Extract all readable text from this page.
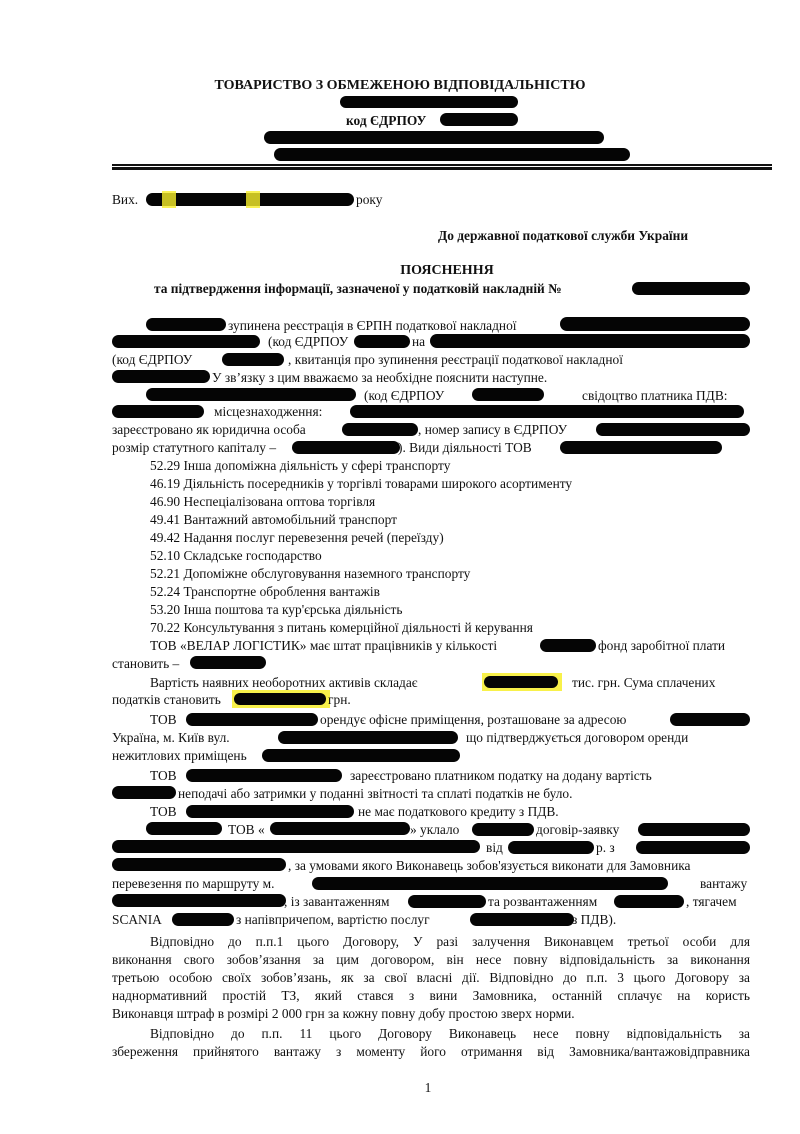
ТОВАРИСТВО З ОБМЕЖЕНОЮ ВІДПОВІДАЛЬНІСТЮ
код ЄДРПОУ
Вих.	року
До державної податкової служби України
ПОЯСНЕННЯ
та підтвердження інформації, зазначеної у податковій накладній №
зупинена реєстрація в ЄРПН податкової накладної
(код ЄДРПОУ	на
(код ЄДРПОУ	, квитанція про зупинення реєстрації податкової накладної
У зв’язку з цим вважаємо за необхідне пояснити наступне.
(код ЄДРПОУ	свідоцтво платника ПДВ:
місцезнаходження:
зареєстровано як юридична особа	, номер запису в ЄДРПОУ
розмір статутного капіталу –	). Види діяльності ТОВ
52.29 Інша допоміжна діяльність у сфері транспорту
46.19 Діяльність посередників у торгівлі товарами широкого асортименту
46.90 Неспеціалізована оптова торгівля
49.41 Вантажний автомобільний транспорт
49.42 Надання послуг перевезення речей (переїзду)
52.10 Складське господарство
52.21 Допоміжне обслуговування наземного транспорту
52.24 Транспортне оброблення вантажів
53.20 Інша поштова та кур'єрська діяльність
70.22 Консультування з питань комерційної діяльності й керування
ТОВ «ВЕЛАР ЛОГІСТИК» має штат працівників у кількості	фонд заробітної плати
становить –
Вартість наявних необоротних активів складає	тис. грн. Сума сплачених
податків становить	грн.
ТОВ	орендує офісне приміщення, розташоване за адресою
Україна, м. Київ вул.	що підтверджується договором оренди
нежитлових приміщень
ТОВ	зареєстровано платником податку на додану вартість
неподачі або затримки у поданні звітності та сплаті податків не було.
ТОВ	не має податкового кредиту з ПДВ.
ТОВ «	» уклало	договір-заявку
від	р. з
, за умовами якого Виконавець зобов'язується виконати для Замовника
перевезення по маршруту м.	вантажу
, із завантаженням	та розвантаженням	, тягачем
SCANIA	з напівпричепом, вартістю послуг	з ПДВ).
Відповідно до п.п.1 цього Договору, У разі залучення Виконавцем третьої особи для
виконання свого зобов’язання за цим договором, він несе повну відповідальність за виконання
третьою особою своїх зобов’язань, як за свої власні дії. Відповідно до п.п. 3 цього Договору за
наднормативний простій ТЗ, який стався з вини Замовника, останній сплачує на користь
Виконавця штраф в розмірі 2 000 грн за кожну повну добу простою зверх норми.
Відповідно до п.п. 11 цього Договору Виконавець несе повну відповідальність за
збереження прийнятого вантажу з моменту його отримання від Замовника/вантажовідправника
1
